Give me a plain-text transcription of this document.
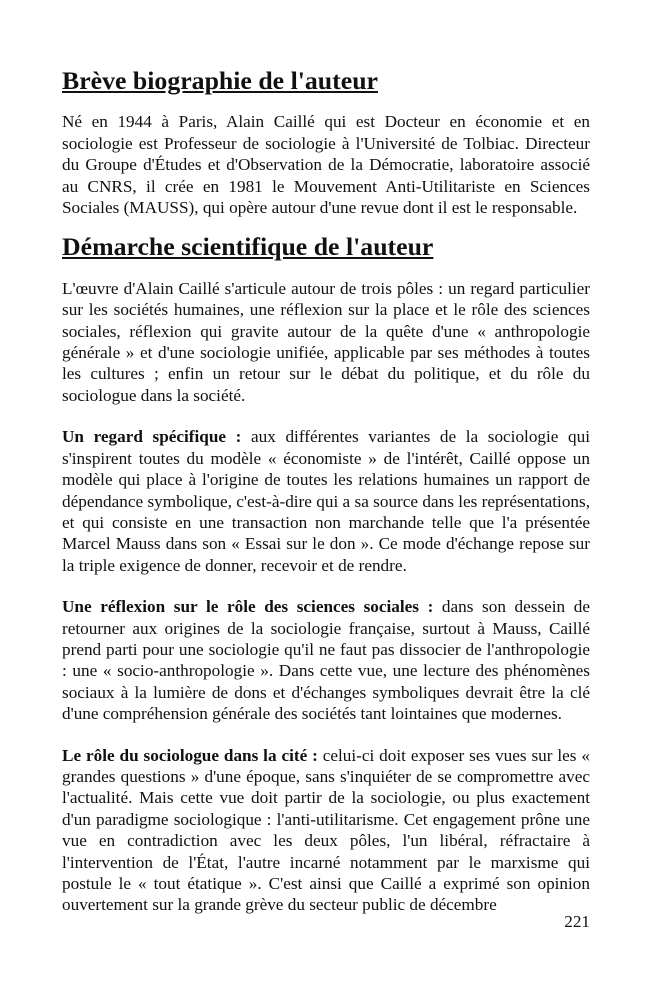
Brève biographie de l'auteur

Né en 1944 à Paris, Alain Caillé qui est Docteur en économie et en sociologie est Professeur de sociologie à l'Université de Tolbiac. Directeur du Groupe d'Études et d'Observation de la Démocratie, laboratoire associé au CNRS, il crée en 1981 le Mouvement Anti-Utilitariste en Sciences Sociales (MAUSS), qui opère autour d'une revue dont il est le responsable.

Démarche scientifique de l'auteur

L'œuvre d'Alain Caillé s'articule autour de trois pôles : un regard particulier sur les sociétés humaines, une réflexion sur la place et le rôle des sciences sociales, réflexion qui gravite autour de la quête d'une « anthropologie générale » et d'une sociologie unifiée, applicable par ses méthodes à toutes les cultures ; enfin un retour sur le débat du politique, et du rôle du sociologue dans la société.

Un regard spécifique : aux différentes variantes de la sociologie qui s'inspirent toutes du modèle « économiste » de l'intérêt, Caillé oppose un modèle qui place à l'origine de toutes les relations humaines un rapport de dépendance symbolique, c'est-à-dire qui a sa source dans les représentations, et qui consiste en une transaction non marchande telle que l'a présentée Marcel Mauss dans son « Essai sur le don ». Ce mode d'échange repose sur la triple exigence de donner, recevoir et de rendre.

Une réflexion sur le rôle des sciences sociales : dans son dessein de retourner aux origines de la sociologie française, surtout à Mauss, Caillé prend parti pour une sociologie qu'il ne faut pas dissocier de l'anthropologie : une « socio-anthropologie ». Dans cette vue, une lecture des phénomènes sociaux à la lumière de dons et d'échanges symboliques devrait être la clé d'une compréhension générale des sociétés tant lointaines que modernes.

Le rôle du sociologue dans la cité : celui-ci doit exposer ses vues sur les « grandes questions » d'une époque, sans s'inquiéter de se compromettre avec l'actualité. Mais cette vue doit partir de la sociologie, ou plus exactement d'un paradigme sociologique : l'anti-utilitarisme. Cet engagement prône une vue en contradiction avec les deux pôles, l'un libéral, réfractaire à l'intervention de l'État, l'autre incarné notamment par le marxisme qui postule le « tout étatique ». C'est ainsi que Caillé a exprimé son opinion ouvertement sur la grande grève du secteur public de décembre

221
